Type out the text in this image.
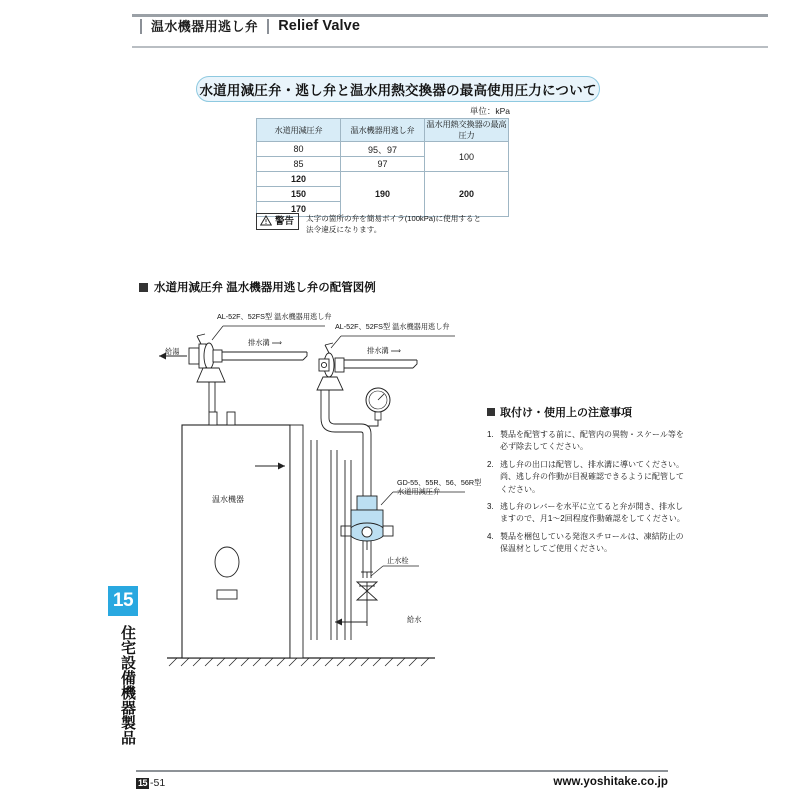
温水機器用逃し弁 Relief Valve
水道用減圧弁・逃し弁と温水用熱交換器の最高使用圧力について
単位：kPa
水道用減圧弁	温水機器用逃し弁	温水用熱交換器の最高圧力
80	95、97	100
85	97	
120	190	200
150		
170		
警告 太字の箇所の弁を簡易ボイラ(100kPa)に使用すると
法令違反になります。
水道用減圧弁 温水機器用逃し弁の配管図例
AL-52F、52FS型 温水機器用逃し弁
AL-52F、52FS型 温水機器用逃し弁
排水溝 ⟹
排水溝 ⟹
給湯
温水機器
GD-55、55R、56、56R型
水道用減圧弁
止水栓
給水
取付け・使用上の注意事項
1. 製品を配管する前に、配管内の異物・スケール等を必ず除去してください。
2. 逃し弁の出口は配管し、排水溝に導いてください。尚、逃し弁の作動が目視確認できるように配管してください。
3. 逃し弁のレバーを水平に立てると弁が開き、排水しますので、月1～2回程度作動確認をしてください。
4. 製品を梱包している発泡スチロールは、凍結防止の保温材としてご使用ください。
15
住宅設備機器製品
15 -51	www.yoshitake.co.jp
